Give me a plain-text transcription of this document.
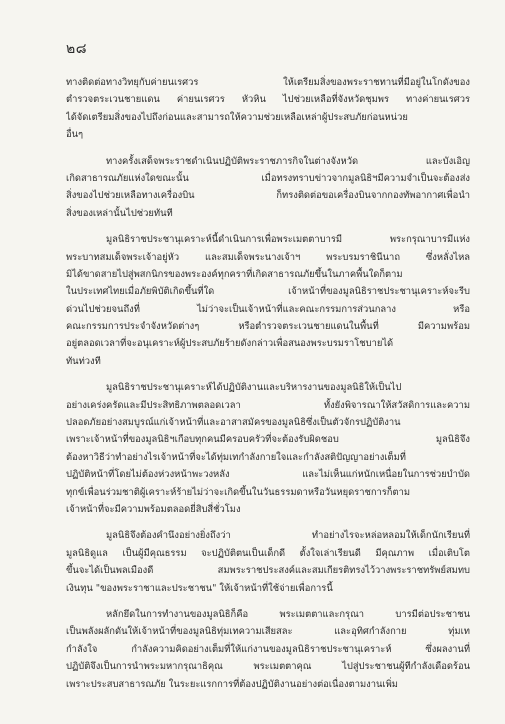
๒๘
ทางติดต่อทางวิทยุกับค่ายนเรศวร ให้เตรียมสิ่งของพระราชทานที่มีอยู่ในโกดังของ
ตำรวจตระเวนชายแดน ค่ายนเรศวร หัวหิน ไปช่วยเหลือที่จังหวัดชุมพร ทางค่ายนเรศวร
ได้จัดเตรียมสิ่งของไปถึงก่อนและสามารถให้ความช่วยเหลือเหล่าผู้ประสบภัยก่อนหน่วย
อื่นๆ
ทางครั้งเสด็จพระราชดำเนินปฏิบัติพระราชภารกิจในต่างจังหวัด และบังเอิญ
เกิดสาธารณภัยแห่งใดขณะนั้น เมื่อทรงทราบข่าวจากมูลนิธิฯมีความจำเป็นจะต้องส่ง
สิ่งของไปช่วยเหลือทางเครื่องบิน ก็ทรงติดต่อขอเครื่องบินจากกองทัพอากาศเพื่อนำ
สิ่งของเหล่านั้นไปช่วยทันที
มูลนิธิราชประชานุเคราะห์นี้ดำเนินการเพื่อพระเมตตาบารมี พระกรุณาบารมีแห่ง
พระบาทสมเด็จพระเจ้าอยู่หัว และสมเด็จพระนางเจ้าฯ พระบรมราชินีนาถ ซึ่งหลั่งไหล
มิได้ขาดสายไปสู่พสกนิกรของพระองค์ทุกคราที่เกิดสาธารณภัยขึ้นในภาคพื้นใดก็ตาม
ในประเทศไทยเมื่อภัยพิบัติเกิดขึ้นที่ใด เจ้าหน้าที่ของมูลนิธิราชประชานุเคราะห์จะรีบ
ด่วนไปช่วยจนถึงที่ ไม่ว่าจะเป็นเจ้าหน้าที่และคณะกรรมการส่วนกลาง หรือ
คณะกรรมการประจำจังหวัดต่างๆ หรือตำรวจตระเวนชายแดนในพื้นที่ มีความพร้อม
อยู่ตลอดเวลาที่จะอนุเคราะห์ผู้ประสบภัยร้ายดังกล่าวเพื่อสนองพระบรมราโชบายได้
ทันท่วงที
มูลนิธิราชประชานุเคราะห์ได้ปฏิบัติงานและบริหารงานของมูลนิธิให้เป็นไป
อย่างเคร่งครัดและมีประสิทธิภาพตลอดเวลา ทั้งยังพิจารณาให้สวัสดิการและความ
ปลอดภัยอย่างสมบูรณ์แก่เจ้าหน้าที่และอาสาสมัครของมูลนิธิซึ่งเป็นตัวจักรปฏิบัติงาน
เพราะเจ้าหน้าที่ของมูลนิธิฯเกือบทุกคนมีครอบครัวที่จะต้องรับผิดชอบ มูลนิธิจึง
ต้องหาวิธีว่าทำอย่างไรเจ้าหน้าที่จะได้ทุ่มเทกำลังกายใจและกำลังสติปัญญาอย่างเต็มที่
ปฏิบัติหน้าที่โดยไม่ต้องห่วงหน้าพะวงหลัง และไม่เห็นแก่หนักเหนื่อยในการช่วยบำบัด
ทุกข์เพื่อนร่วมชาติผู้เคราะห์ร้ายไม่ว่าจะเกิดขึ้นในวันธรรมดาหรือวันหยุดราชการก็ตาม
เจ้าหน้าที่จะมีความพร้อมตลอดยี่สิบสี่ชั่วโมง
มูลนิธิจึงต้องคำนึงอย่างยิ่งถึงว่า ทำอย่างไรจะหล่อหลอมให้เด็กนักเรียนที่
มูลนิธิดูแล เป็นผู้มีคุณธรรม จะปฏิบัติตนเป็นเด็กดี ตั้งใจเล่าเรียนดี มีคุณภาพ เมื่อเติบโต
ขึ้นจะได้เป็นพลเมืองดี สมพระราชประสงค์และสมเกียรติทรงไว้วางพระราชทรัพย์สมทบ
เงินทุน "ของพระราชาและประชาชน" ให้เจ้าหน้าที่ใช้จ่ายเพื่อการนี้
หลักยึดในการทำงานของมูลนิธิก็คือ พระเมตตาและกรุณา บารมีต่อประชาชน
เป็นพลังผลักดันให้เจ้าหน้าที่ของมูลนิธิทุ่มเทความเสียสละ และอุทิศกำลังกาย ทุ่มเท
กำลังใจ กำลังความคิดอย่างเต็มที่ให้แก่งานของมูลนิธิราชประชานุเคราะห์ ซึ่งผลงานที่
ปฏิบัติจึงเป็นการนำพระมหากรุณาธิคุณ พระเมตตาคุณ ไปสู่ประชาชนผู้ทีกำลังเดือดร้อน
เพราะประสบสาธารณภัย ในระยะแรกการที่ต้องปฏิบัติงานอย่างต่อเนื่องตามงานเพิ่ม
